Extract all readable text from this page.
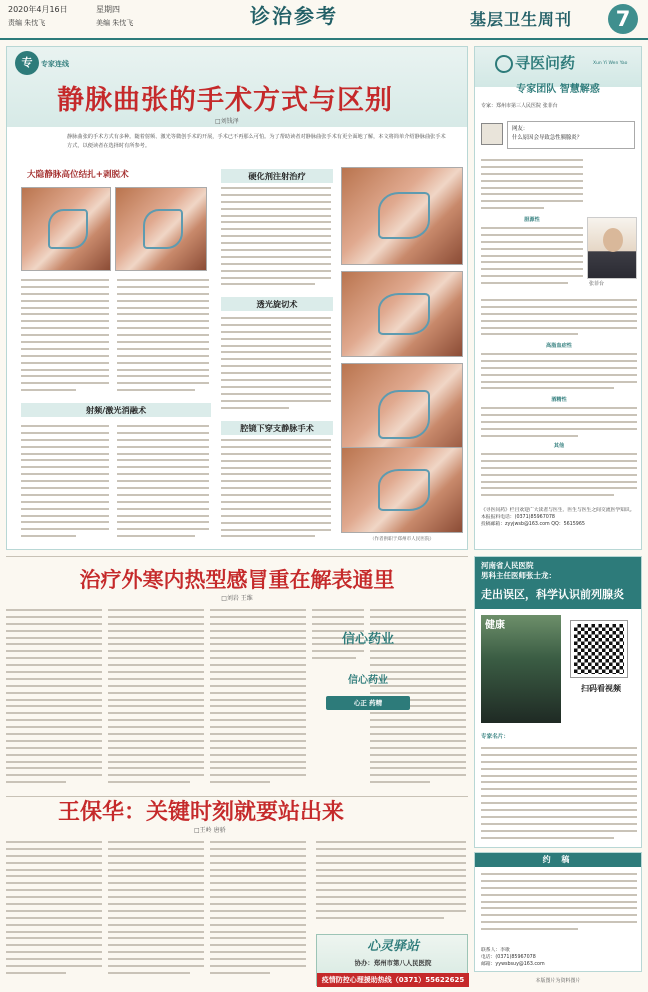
2020年4月16日	星期四
责编 朱忱飞	美编 朱忱飞	诊治参考	基层卫生周刊	7
专	专家连线
静脉曲张的手术方式与区别
□刘钱泽
静脉曲张的手术方式有多种。随着射频、激光等微创手术的开展，手术已不再那么可怕。为了帮助读者对静脉曲张手术有更全面地了解，本文将简单介绍静脉曲张手术方式，以便读者在选择时有所参考。
大隐静脉高位结扎+剥脱术
射频/激光消融术
硬化剂注射治疗
透光旋切术
腔镜下穿支静脉手术
（作者供职于郑州市人民医院）
寻医问药	Xun Yi Wen Yao
专家团队 智慧解惑
专家：郑州市第三人民医院 张菲台
网友：
什么原因会导致急性胰腺炎？
胆源性
张菲台
高脂血症性
酒精性
其他
《寻医问药》栏目欢迎广大读者与医生、医生与医生之间交流医学知识。
本报报料电话：(0371)85967078
投稿邮箱：zyyjwsb@163.com QQ：5615965
治疗外寒内热型感冒重在解表通里
□刘岩 王维
信心药业
信心药业
心正 药精
河南省人民医院
男科主任医师张士龙：
走出误区，科学认识前列腺炎
健康
扫码看视频
专家名片：
王保华：关键时刻就要站出来
□王岭 唐骄
心灵驿站
协办：郑州市第八人民医院
疫情防控心理援助热线（0371）55622625
约 稿
联系人：李歌
电话：(0371)85967078
邮箱：yywsbsuy@163.com
本版图片为资料图片
